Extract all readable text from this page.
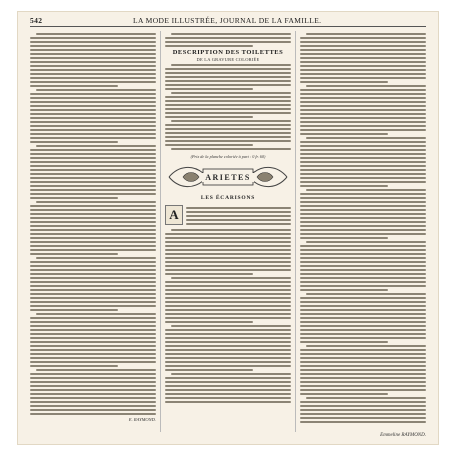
542	LA MODE ILLUSTRÉE, JOURNAL DE LA FAMILLE.
E. RAYMOND.
DESCRIPTION DES TOILETTES
DE LA GRAVURE COLORIÉE
(Prix de la planche coloriée à part : 0 fr. 60)
ARIETES
LES ÉCARISONS
A
Emmeline RAYMOND.
